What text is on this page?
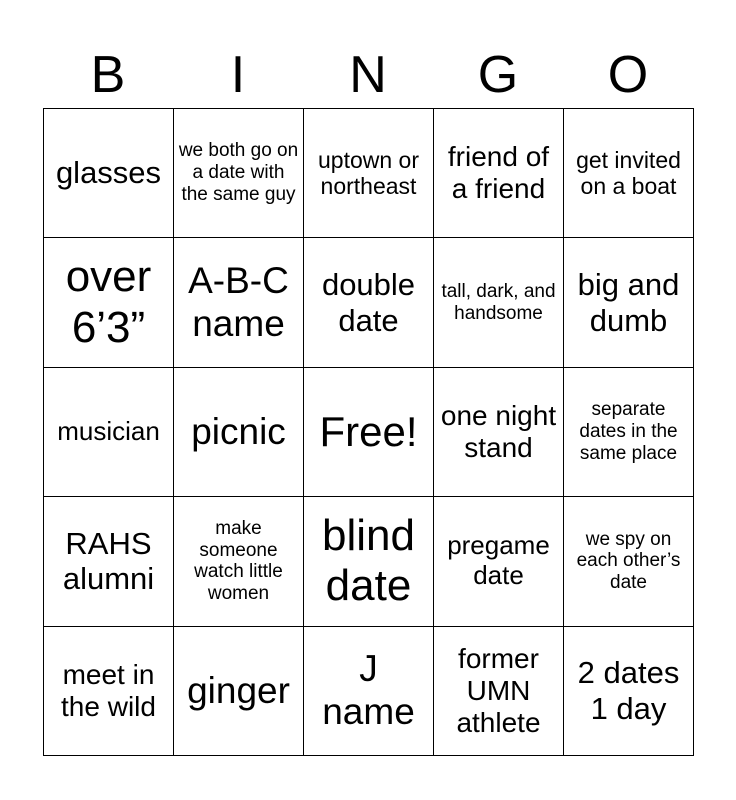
B	I	N	G	O
glasses	we both go on a date with the same guy	uptown or northeast	friend of a friend	get invited on a boat
over 6’3”	A-B-C name	double date	tall, dark, and handsome	big and dumb
musician	picnic	Free!	one night stand	separate dates in the same place
RAHS alumni	make someone watch little women	blind date	pregame date	we spy on each other’s date
meet in the wild	ginger	J name	former UMN athlete	2 dates 1 day
